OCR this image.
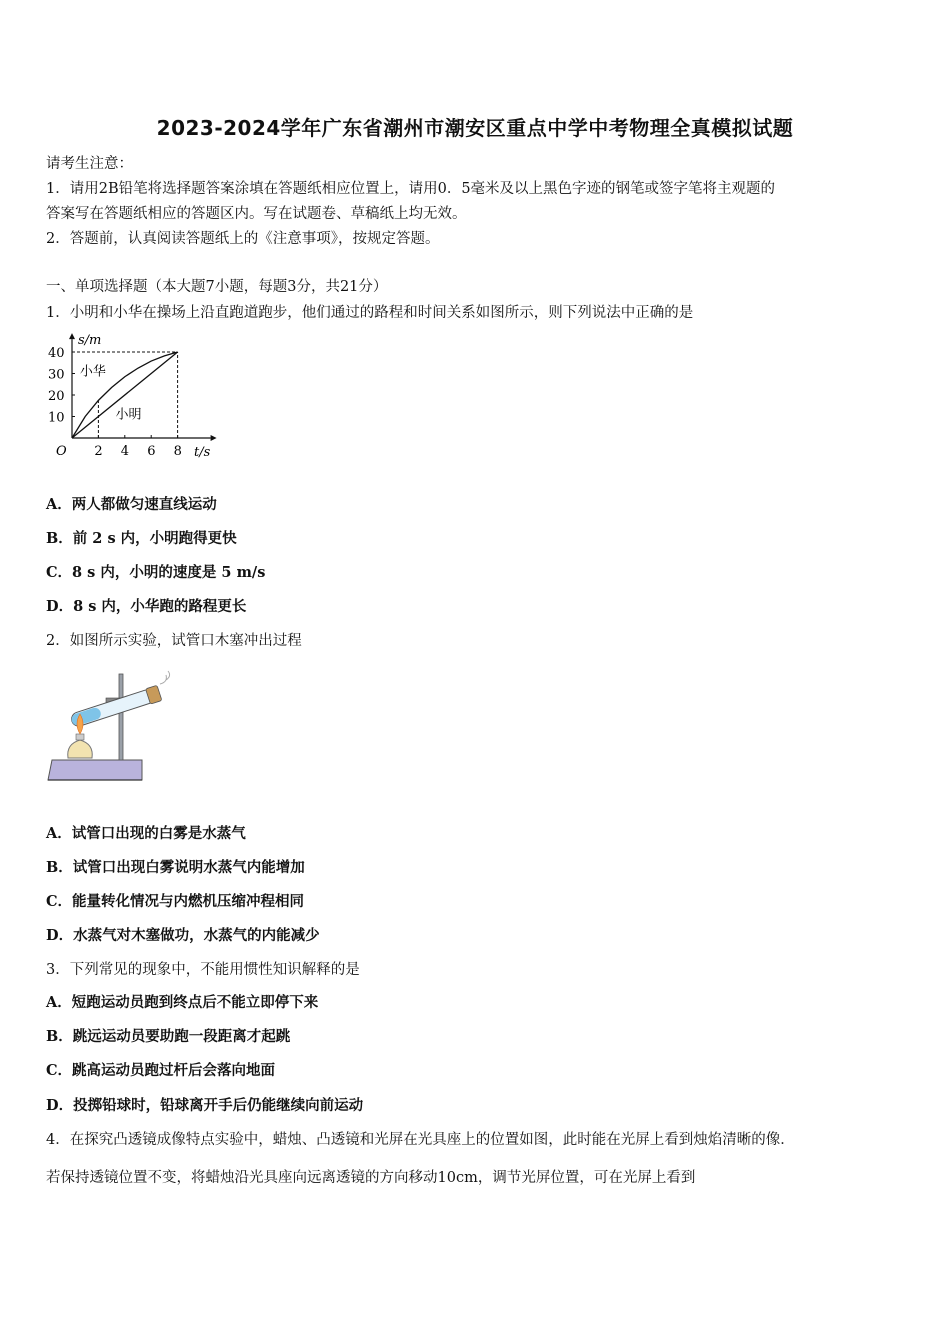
2023-2024学年广东省潮州市潮安区重点中学中考物理全真模拟试题
请考生注意：
1．请用2B铅笔将选择题答案涂填在答题纸相应位置上，请用0．5毫米及以上黑色字迹的钢笔或签字笔将主观题的
答案写在答题纸相应的答题区内。写在试题卷、草稿纸上均无效。
2．答题前，认真阅读答题纸上的《注意事项》，按规定答题。
一、单项选择题（本大题7小题，每题3分，共21分）
1．小明和小华在操场上沿直跑道跑步，他们通过的路程和时间关系如图所示，则下列说法中正确的是
s/m
t/s
O 2 4 6 8
10
20
30
40
小华
小明
A．两人都做匀速直线运动
B．前 2 s 内，小明跑得更快
C．8 s 内，小明的速度是 5 m/s
D．8 s 内，小华跑的路程更长
2．如图所示实验，试管口木塞冲出过程
A．试管口出现的白雾是水蒸气
B．试管口出现白雾说明水蒸气内能增加
C．能量转化情况与内燃机压缩冲程相同
D．水蒸气对木塞做功，水蒸气的内能减少
3．下列常见的现象中，不能用惯性知识解释的是
A．短跑运动员跑到终点后不能立即停下来
B．跳远运动员要助跑一段距离才起跳
C．跳高运动员跑过杆后会落向地面
D．投掷铅球时，铅球离开手后仍能继续向前运动
4．在探究凸透镜成像特点实验中，蜡烛、凸透镜和光屏在光具座上的位置如图，此时能在光屏上看到烛焰清晰的像．
若保持透镜位置不变，将蜡烛沿光具座向远离透镜的方向移动10cm，调节光屏位置，可在光屏上看到
